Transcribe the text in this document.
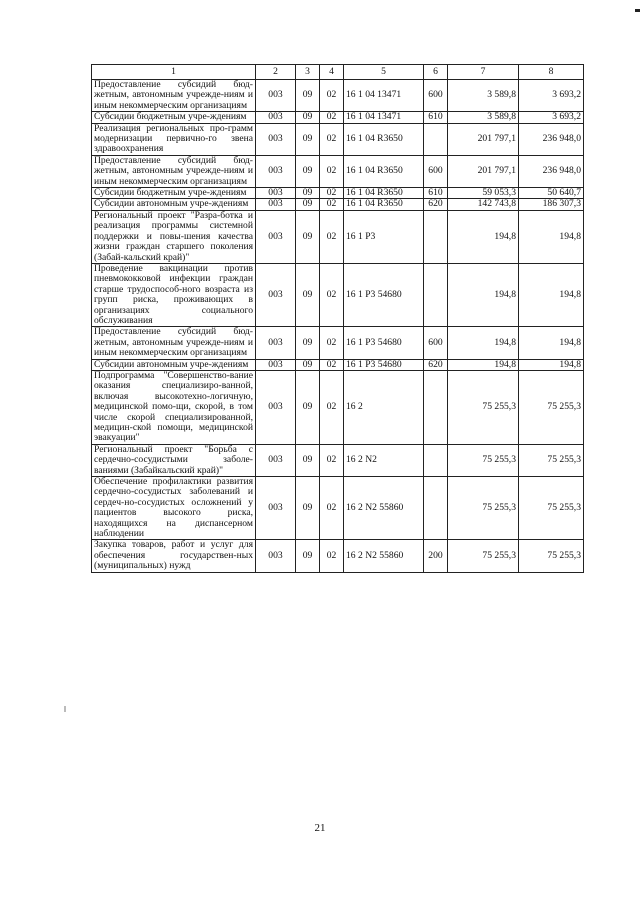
1	2	3	4	5	6	7	8
Предоставление субсидий бюд-жетным, автономным учрежде-ниям и иным некоммерческим организациям	003	09	02	16 1 04 13471	600	3 589,8	3 693,2
Субсидии бюджетным учре-ждениям	003	09	02	16 1 04 13471	610	3 589,8	3 693,2
Реализация региональных про-грамм модернизации первично-го звена здравоохранения	003	09	02	16 1 04 R3650		201 797,1	236 948,0
Предоставление субсидий бюд-жетным, автономным учрежде-ниям и иным некоммерческим организациям	003	09	02	16 1 04 R3650	600	201 797,1	236 948,0
Субсидии бюджетным учре-ждениям	003	09	02	16 1 04 R3650	610	59 053,3	50 640,7
Субсидии автономным учре-ждениям	003	09	02	16 1 04 R3650	620	142 743,8	186 307,3
Региональный проект "Разра-ботка и реализация программы системной поддержки и повы-шения качества жизни граждан старшего поколения (Забай-кальский край)"	003	09	02	16 1 P3		194,8	194,8
Проведение вакцинации против пневмококковой инфекции граждан старше трудоспособ-ного возраста из групп риска, проживающих в организациях социального обслуживания	003	09	02	16 1 P3 54680		194,8	194,8
Предоставление субсидий бюд-жетным, автономным учрежде-ниям и иным некоммерческим организациям	003	09	02	16 1 P3 54680	600	194,8	194,8
Субсидии автономным учре-ждениям	003	09	02	16 1 P3 54680	620	194,8	194,8
Подпрограмма "Совершенство-вание оказания специализиро-ванной, включая высокотехно-логичную, медицинской помо-щи, скорой, в том числе скорой специализированной, медицин-ской помощи, медицинской эвакуации"	003	09	02	16 2		75 255,3	75 255,3
Региональный проект "Борьба с сердечно-сосудистыми заболе-ваниями (Забайкальский край)"	003	09	02	16 2 N2		75 255,3	75 255,3
Обеспечение профилактики развития сердечно-сосудистых заболеваний и сердеч-но-сосудистых осложнений у пациентов высокого риска, находящихся на диспансерном наблюдении	003	09	02	16 2 N2 55860		75 255,3	75 255,3
Закупка товаров, работ и услуг для обеспечения государствен-ных (муниципальных) нужд	003	09	02	16 2 N2 55860	200	75 255,3	75 255,3
21
